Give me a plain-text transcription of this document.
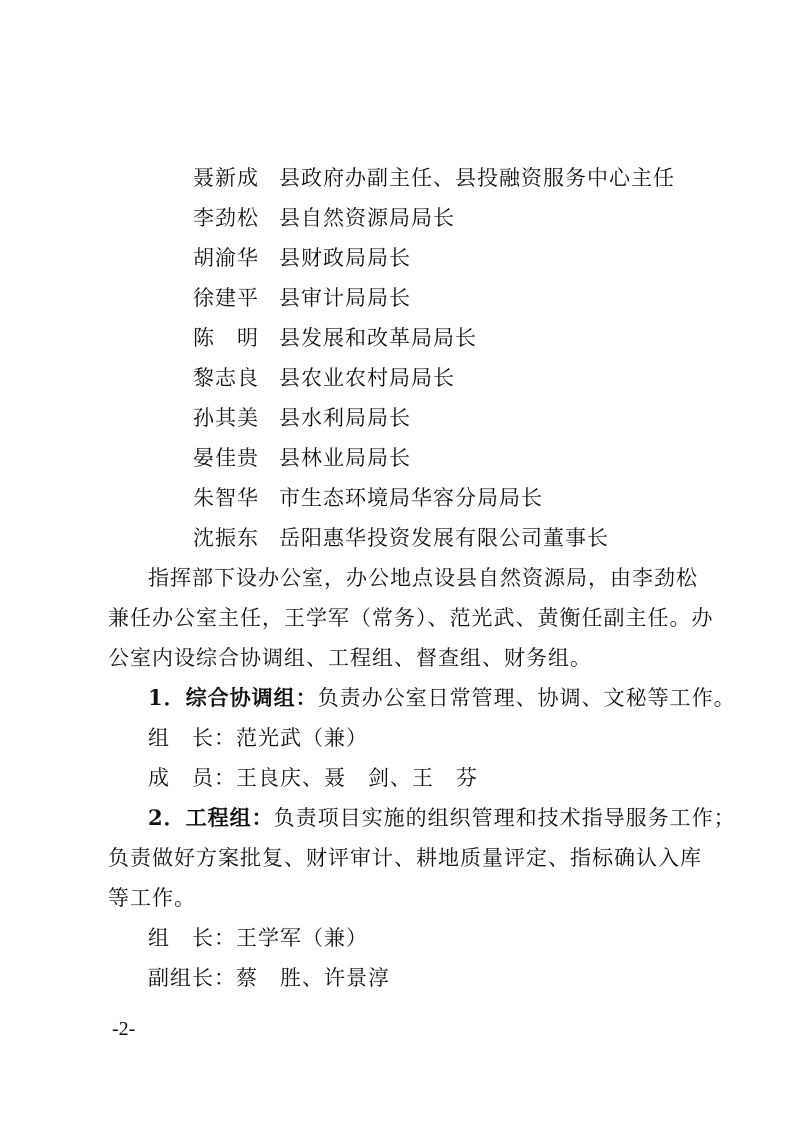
聂新成 县政府办副主任、县投融资服务中心主任
李劲松 县自然资源局局长
胡渝华 县财政局局长
徐建平 县审计局局长
陈　明 县发展和改革局局长
黎志良 县农业农村局局长
孙其美 县水利局局长
晏佳贵 县林业局局长
朱智华 市生态环境局华容分局局长
沈振东 岳阳惠华投资发展有限公司董事长
指挥部下设办公室，办公地点设县自然资源局，由李劲松
兼任办公室主任，王学军（常务）、范光武、黄衡任副主任。办
公室内设综合协调组、工程组、督查组、财务组。
1．综合协调组：负责办公室日常管理、协调、文秘等工作。
组　长：范光武（兼）
成　员：王良庆、聂　剑、王　芬
2．工程组：负责项目实施的组织管理和技术指导服务工作；
负责做好方案批复、财评审计、耕地质量评定、指标确认入库
等工作。
组　长：王学军（兼）
副组长：蔡　胜、许景淳
-2-
